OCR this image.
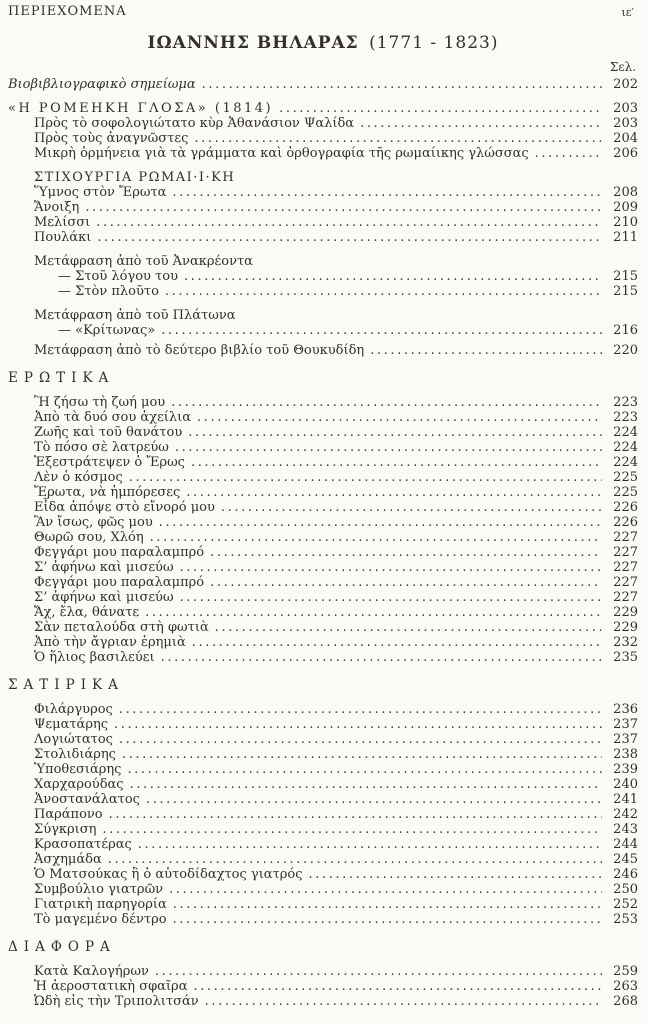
ΠΕΡΙΕΧΟΜΕΝΑ	ιε′
ΙΩΑΝΝΗΣ ΒΗΛΑΡΑΣ (1771 - 1823)
Σελ.
Βιοβιβλιογραφικὸ σημείωμα .....	202
«Η ΡΟΜΕΗΚΗ ΓΛΟΣΑ» (1814) .....	203
Πρὸς τὸ σοφολογιώτατο κὺρ Ἀθανάσιον Ψαλίδα .....	203
Πρὸς τοὺς ἀναγνῶστες .....	204
Μικρὴ ὁρμήνεια γιὰ τὰ γράμματα καὶ ὀρθογραφία τῆς ρωμαίικης γλώσσας .....	206
ΣΤΙΧΟΥΡΓΙΑ ΡΩΜΑΙ·Ι·ΚΗ
Ὕμνος στὸν Ἔρωτα .....	208
Ἄνοιξη .....	209
Μελίσσι .....	210
Πουλάκι .....	211
Μετάφραση ἀπὸ τοῦ Ἀνακρέοντα
— Στοῦ λόγου του .....	215
— Στὸν πλοῦτο .....	215
Μετάφραση ἀπὸ τοῦ Πλάτωνα
— «Κρίτωνας» .....	216
Μετάφραση ἀπὸ τὸ δεύτερο βιβλίο τοῦ Θουκυδίδη .....	220
ΕΡΩΤΙΚΑ
Ἢ ζήσω τὴ ζωή μου .....	223
Ἀπὸ τὰ δυό σου ἀχείλια .....	223
Ζωῆς καὶ τοῦ θανάτου .....	224
Τὸ πόσο σὲ λατρεύω .....	224
Ἐξεστράτεψεν ὁ Ἔρως .....	224
Λὲν ὁ κόσμος .....	225
Ἔρωτα, νὰ ἠμπόρεσες .....	225
Εἶδα ἀπόψε στὸ εἴνορό μου .....	226
Ἂν ἴσως, φῶς μου .....	226
Θωρῶ σου, Χλόη .....	227
Φεγγάρι μου παραλαμπρό .....	227
Σ’ ἀφήνω καὶ μισεύω .....	227
Φεγγάρι μου παραλαμπρό .....	227
Σ’ ἀφήνω καὶ μισεύω .....	227
Ἄχ, ἔλα, θάνατε .....	229
Σὰν πεταλούδα στὴ φωτιὰ .....	229
Ἀπὸ τὴν ἄγριαν ἐρημιὰ .....	232
Ὁ ἥλιος βασιλεύει .....	235
ΣΑΤΙΡΙΚΑ
Φιλάργυρος .....	236
Ψεματάρης .....	237
Λογιώτατος .....	237
Στολιδιάρης .....	238
Ὑποθεσιάρης .....	239
Χαρχαρούδας .....	240
Ἀνοστανάλατος .....	241
Παράπονο .....	242
Σύγκριση .....	243
Κρασοπατέρας .....	244
Ἀσχημάδα .....	245
Ὁ Ματσούκας ἢ ὁ αὐτοδίδαχτος γιατρός .....	246
Συμβούλιο γιατρῶν .....	250
Γιατρικὴ παρηγορία .....	252
Τὸ μαγεμένο δέντρο .....	253
ΔΙΑΦΟΡΑ
Κατὰ Καλογήρων .....	259
Ἡ ἀεροστατικὴ σφαῖρα .....	263
Ὠδὴ εἰς τὴν Τριπολιτσάν .....	268
